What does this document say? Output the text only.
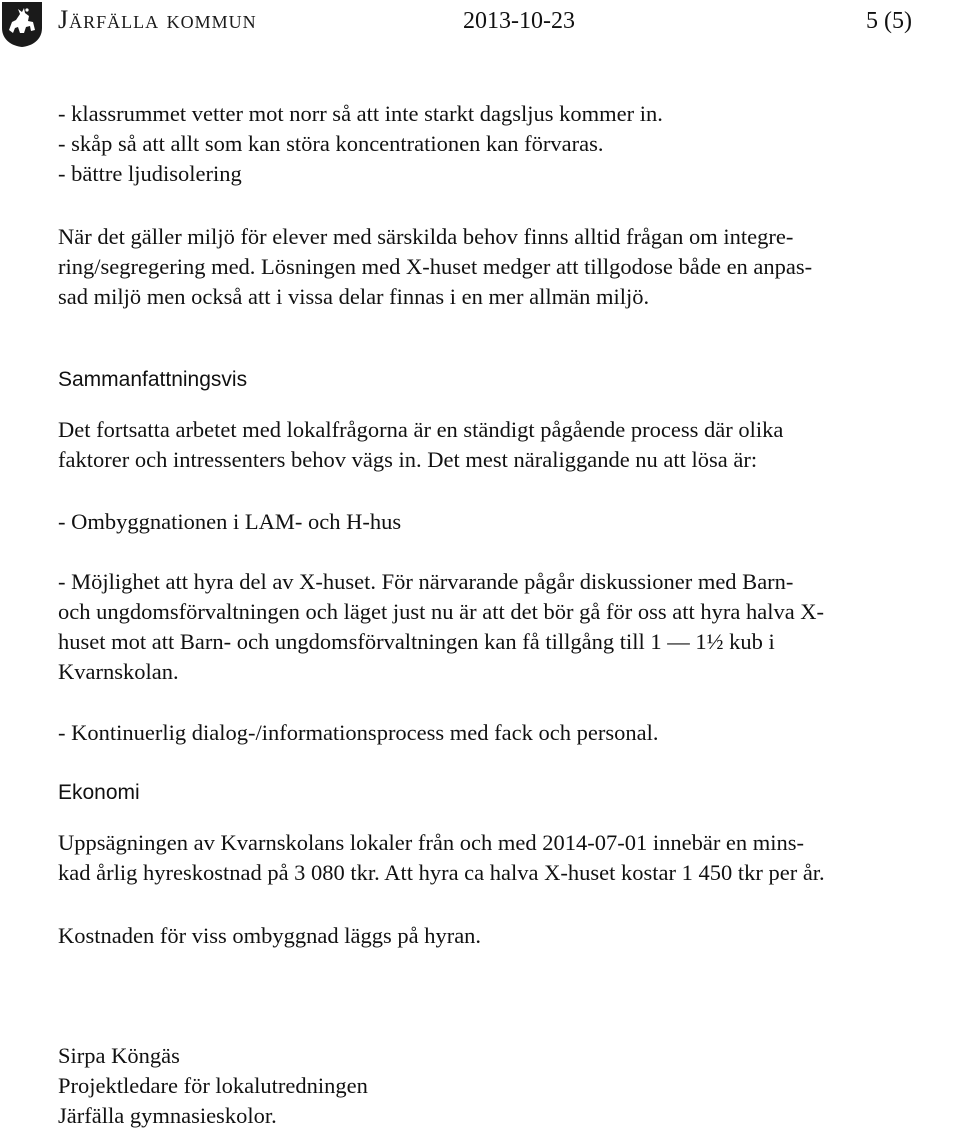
Järfälla kommun	2013-10-23	5 (5)
- klassrummet vetter mot norr så att inte starkt dagsljus kommer in.
- skåp så att allt som kan störa koncentrationen kan förvaras.
- bättre ljudisolering
När det gäller miljö för elever med särskilda behov finns alltid frågan om integre-
ring/segregering med. Lösningen med X-huset medger att tillgodose både en anpas-
sad miljö men också att i vissa delar finnas i en mer allmän miljö.
Sammanfattningsvis
Det fortsatta arbetet med lokalfrågorna är en ständigt pågående process där olika
faktorer och intressenters behov vägs in. Det mest näraliggande nu att lösa är:
- Ombyggnationen i LAM- och H-hus
- Möjlighet att hyra del av X-huset. För närvarande pågår diskussioner med Barn-
och ungdomsförvaltningen och läget just nu är att det bör gå för oss att hyra halva X-
huset mot att Barn- och ungdomsförvaltningen kan få tillgång till 1 — 1½ kub i
Kvarnskolan.
- Kontinuerlig dialog-/informationsprocess med fack och personal.
Ekonomi
Uppsägningen av Kvarnskolans lokaler från och med 2014-07-01 innebär en mins-
kad årlig hyreskostnad på 3 080 tkr. Att hyra ca halva X-huset kostar 1 450 tkr per år.
Kostnaden för viss ombyggnad läggs på hyran.
Sirpa Köngäs
Projektledare för lokalutredningen
Järfälla gymnasieskolor.
